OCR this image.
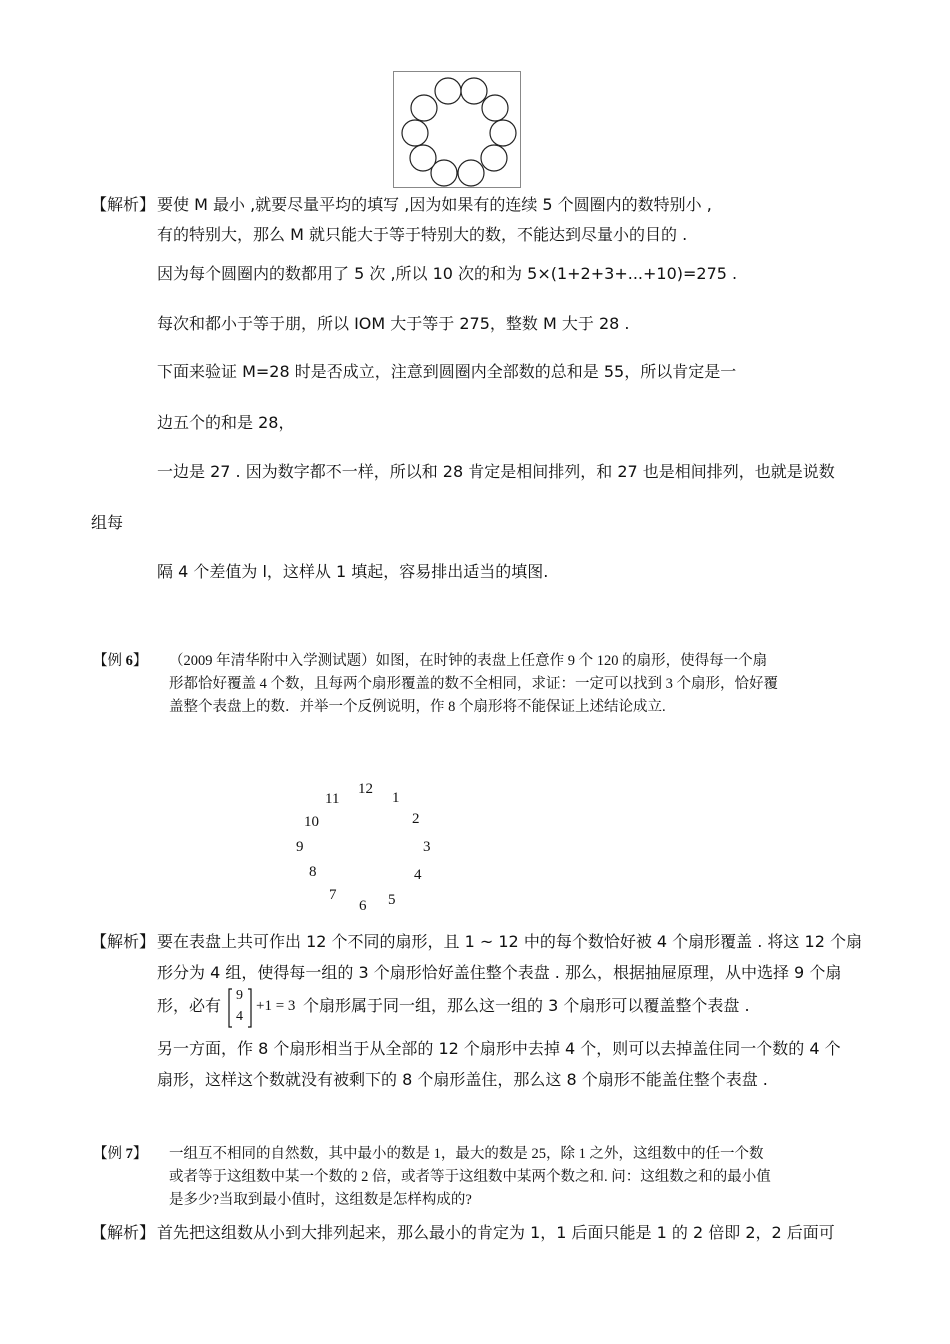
【解析】 要使 M 最小 ,就要尽量平均的填写 ,因为如果有的连续 5 个圆圈内的数特别小 ,
有的特别大，那么 M 就只能大于等于特别大的数，不能达到尽量小的目的 .
因为每个圆圈内的数都用了 5 次 ,所以 10 次的和为 5×(1+2+3+...+10)=275 .
每次和都小于等于朋，所以 IOM 大于等于 275，整数 M 大于 28 .
下面来验证 M=28 时是否成立，注意到圆圈内全部数的总和是 55，所以肯定是一
边五个的和是 28，
一边是 27 . 因为数字都不一样，所以和 28 肯定是相间排列，和 27 也是相间排列，也就是说数
组每
隔 4 个差值为 l，这样从 1 填起，容易排出适当的填图.
【例 6】 （2009 年清华附中入学测试题）如图，在时钟的表盘上任意作 9 个 120 的扇形，使得每一个扇
形都恰好覆盖 4 个数，且每两个扇形覆盖的数不全相同，求证：一定可以找到 3 个扇形，恰好覆
盖整个表盘上的数．并举一个反例说明，作 8 个扇形将不能保证上述结论成立.
12
1
2
3
4
5
6
7
8
9
10
11
【解析】 要在表盘上共可作出 12 个不同的扇形，且 1 ~ 12 中的每个数恰好被 4 个扇形覆盖 . 将这 12 个扇
形分为 4 组，使得每一组的 3 个扇形恰好盖住整个表盘 . 那么，根据抽屉原理，从中选择 9 个扇
形，必有
9
4
+1 = 3 个扇形属于同一组，那么这一组的 3 个扇形可以覆盖整个表盘 .
另一方面，作 8 个扇形相当于从全部的 12 个扇形中去掉 4 个，则可以去掉盖住同一个数的 4 个
扇形，这样这个数就没有被剩下的 8 个扇形盖住，那么这 8 个扇形不能盖住整个表盘 .
【例 7】 一组互不相同的自然数，其中最小的数是 1，最大的数是 25，除 1 之外，这组数中的任一个数
或者等于这组数中某一个数的 2 倍，或者等于这组数中某两个数之和. 问：这组数之和的最小值
是多少?当取到最小值时，这组数是怎样构成的?
【解析】 首先把这组数从小到大排列起来，那么最小的肯定为 1，1 后面只能是 1 的 2 倍即 2，2 后面可
